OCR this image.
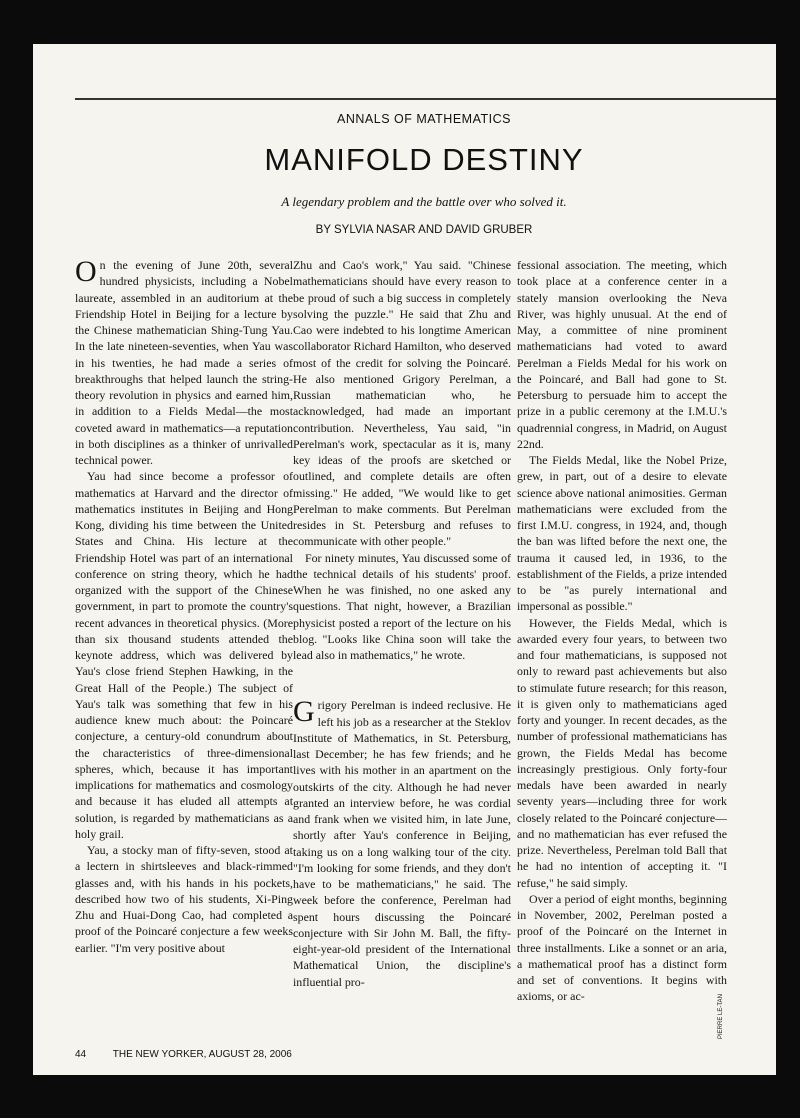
ANNALS OF MATHEMATICS

MANIFOLD DESTINY

A legendary problem and the battle over who solved it.

BY SYLVIA NASAR AND DAVID GRUBER

On the evening of June 20th, several hundred physicists, including a Nobel laureate, assembled in an auditorium at the Friendship Hotel in Beijing for a lecture by the Chinese mathematician Shing-Tung Yau. In the late nineteen-seventies, when Yau was in his twenties, he had made a series of breakthroughs that helped launch the string-theory revolution in physics and earned him, in addition to a Fields Medal—the most coveted award in mathematics—a reputation in both disciplines as a thinker of unrivalled technical power.

Yau had since become a professor of mathematics at Harvard and the director of mathematics institutes in Beijing and Hong Kong, dividing his time between the United States and China. His lecture at the Friendship Hotel was part of an international conference on string theory, which he had organized with the support of the Chinese government, in part to promote the country's recent advances in theoretical physics. (More than six thousand students attended the keynote address, which was delivered by Yau's close friend Stephen Hawking, in the Great Hall of the People.) The subject of Yau's talk was something that few in his audience knew much about: the Poincaré conjecture, a century-old conundrum about the characteristics of three-dimensional spheres, which, because it has important implications for mathematics and cosmology and because it has eluded all attempts at solution, is regarded by mathematicians as a holy grail.

Yau, a stocky man of fifty-seven, stood at a lectern in shirtsleeves and black-rimmed glasses and, with his hands in his pockets, described how two of his students, Xi-Ping Zhu and Huai-Dong Cao, had completed a proof of the Poincaré conjecture a few weeks earlier. "I'm very positive about

Zhu and Cao's work," Yau said. "Chinese mathematicians should have every reason to be proud of such a big success in completely solving the puzzle." He said that Zhu and Cao were indebted to his longtime American collaborator Richard Hamilton, who deserved most of the credit for solving the Poincaré. He also mentioned Grigory Perelman, a Russian mathematician who, he acknowledged, had made an important contribution. Nevertheless, Yau said, "in Perelman's work, spectacular as it is, many key ideas of the proofs are sketched or outlined, and complete details are often missing." He added, "We would like to get Perelman to make comments. But Perelman resides in St. Petersburg and refuses to communicate with other people."

For ninety minutes, Yau discussed some of the technical details of his students' proof. When he was finished, no one asked any questions. That night, however, a Brazilian physicist posted a report of the lecture on his blog. "Looks like China soon will take the lead also in mathematics," he wrote.

Grigory Perelman is indeed reclusive. He left his job as a researcher at the Steklov Institute of Mathematics, in St. Petersburg, last December; he has few friends; and he lives with his mother in an apartment on the outskirts of the city. Although he had never granted an interview before, he was cordial and frank when we visited him, in late June, shortly after Yau's conference in Beijing, taking us on a long walking tour of the city. "I'm looking for some friends, and they don't have to be mathematicians," he said. The week before the conference, Perelman had spent hours discussing the Poincaré conjecture with Sir John M. Ball, the fifty-eight-year-old president of the International Mathematical Union, the discipline's influential pro-

fessional association. The meeting, which took place at a conference center in a stately mansion overlooking the Neva River, was highly unusual. At the end of May, a committee of nine prominent mathematicians had voted to award Perelman a Fields Medal for his work on the Poincaré, and Ball had gone to St. Petersburg to persuade him to accept the prize in a public ceremony at the I.M.U.'s quadrennial congress, in Madrid, on August 22nd.

The Fields Medal, like the Nobel Prize, grew, in part, out of a desire to elevate science above national animosities. German mathematicians were excluded from the first I.M.U. congress, in 1924, and, though the ban was lifted before the next one, the trauma it caused led, in 1936, to the establishment of the Fields, a prize intended to be "as purely international and impersonal as possible."

However, the Fields Medal, which is awarded every four years, to between two and four mathematicians, is supposed not only to reward past achievements but also to stimulate future research; for this reason, it is given only to mathematicians aged forty and younger. In recent decades, as the number of professional mathematicians has grown, the Fields Medal has become increasingly prestigious. Only forty-four medals have been awarded in nearly seventy years—including three for work closely related to the Poincaré conjecture—and no mathematician has ever refused the prize. Nevertheless, Perelman told Ball that he had no intention of accepting it. "I refuse," he said simply.

Over a period of eight months, beginning in November, 2002, Perelman posted a proof of the Poincaré on the Internet in three installments. Like a sonnet or an aria, a mathematical proof has a distinct form and set of conventions. It begins with axioms, or ac-

44	THE NEW YORKER, AUGUST 28, 2006
PIERRE LE-TAN
